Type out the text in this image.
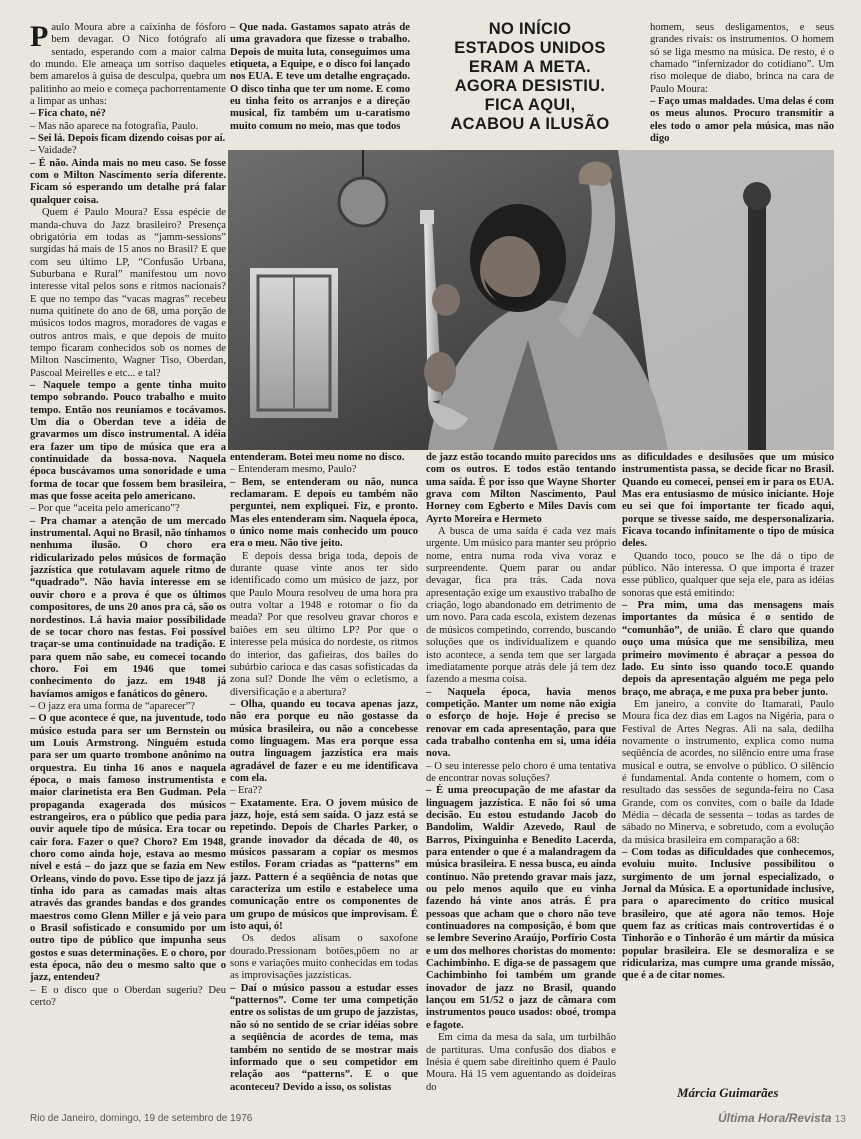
Paulo Moura abre a caixinha de fósforo bem devagar. O Nico fotógrafo ali sentado, esperando com a maior calma do mundo. Ele ameaça um sorriso daqueles bem amarelos à guisa de desculpa, quebra um palitinho ao meio e começa pachorrentamente a limpar as unhas:

– Fica chato, né?

– Mas não aparece na fotografia, Paulo.

– Sei lá. Depois ficam dizendo coisas por aí.

– Vaidade?

– É não. Ainda mais no meu caso. Se fosse com o Milton Nascimento seria diferente. Ficam só esperando um detalhe prá falar qualquer coisa.

Quem é Paulo Moura? Essa espécie de manda-chuva do Jazz brasileiro? Presença obrigatória em todas as “jamm-sessions” surgidas há mais de 15 anos no Brasil? E que com seu último LP, “Confusão Urbana, Suburbana e Rural” manifestou um novo interesse vital pelos sons e ritmos nacionais? E que no tempo das “vacas magras” recebeu numa quitinete do ano de 68, uma porção de músicos todos magros, moradores de vagas e outros antros mais, e que depois de muito tempo ficaram conhecidos sob os nomes de Milton Nascimento, Wagner Tiso, Oberdan, Pascoal Meirelles e etc... e tal?

– Naquele tempo a gente tinha muito tempo sobrando. Pouco trabalho e muito tempo. Então nos reuníamos e tocávamos. Um dia o Oberdan teve a idéia de gravarmos um disco instrumental. A idéia era fazer um tipo de música que era a continuidade da bossa-nova. Naquela época buscávamos uma sonoridade e uma forma de tocar que fossem bem brasileira, mas que fosse aceita pelo americano.

– Por que “aceita pelo americano”?

– Pra chamar a atenção de um mercado instrumental. Aqui no Brasil, não tínhamos nenhuma ilusão. O choro era ridicularizado pelos músicos de formação jazzística que rotulavam aquele ritmo de “quadrado”. Não havia interesse em se ouvir choro e a prova é que os últimos compositores, de uns 20 anos pra cá, são os nordestinos. Lá havia maior possibilidade de se tocar choro nas festas. Foi possível traçar-se uma continuidade na tradição. E para quem não sabe, eu comecei tocando choro. Foi em 1946 que tomei conhecimento do jazz. em 1948 já havíamos amigos e fanáticos do gênero.

– O jazz era uma forma de “aparecer”?

– O que acontece é que, na juventude, todo músico estuda para ser um Bernstein ou um Louis Armstrong. Ninguém estuda para ser um quarto trombone anônimo na orquestra. Eu tinha 16 anos e naquela época, o mais famoso instrumentista e maior clarinetista era Ben Gudman. Pela propaganda exagerada dos músicos estrangeiros, era o público que pedia para ouvir aquele tipo de música. Era tocar ou cair fora. Fazer o que? Choro? Em 1948, choro como ainda hoje, estava ao mesmo nível e está – do jazz que se fazia em New Orleans, vindo do povo. Esse tipo de jazz já tinha ido para as camadas mais altas através das grandes bandas e dos grandes maestros como Glenn Miller e já veio para o Brasil sofisticado e consumido por um outro tipo de público que impunha seus gostos e suas determinações. E o choro, por esta época, não deu o mesmo salto que o jazz, entendeu?

– E o disco que o Oberdan sugeriu? Deu certo?

– Que nada. Gastamos sapato atrás de uma gravadora que fizesse o trabalho. Depois de muita luta, conseguimos uma etiqueta, a Equipe, e o disco foi lançado nos EUA. E teve um detalhe engraçado. O disco tinha que ter um nome. E como eu tinha feito os arranjos e a direção musical, fiz também um u-caratismo muito comum no meio, mas que todos

NO INÍCIO
ESTADOS UNIDOS
ERAM A META.
AGORA DESISTIU.
FICA AQUI,
ACABOU A ILUSÃO

homem, seus desligamentos, e seus grandes rivais: os instrumentos. O homem só se liga mesmo na música. De resto, é o chamado “infernizador do cotidiano”. Um riso moleque de diabo, brinca na cara de Paulo Moura:

– Faço umas maldades. Uma delas é com os meus alunos. Procuro transmitir a eles todo o amor pela música, mas não digo

entenderam. Botei meu nome no disco.

– Entenderam mesmo, Paulo?

– Bem, se entenderam ou não, nunca reclamaram. E depois eu também não perguntei, nem expliquei. Fiz, e pronto. Mas eles entenderam sim. Naquela época, o único nome mais conhecido um pouco era o meu. Não tive jeito.

E depois dessa briga toda, depois de durante quase vinte anos ter sido identificado como um músico de jazz, por que Paulo Moura resolveu de uma hora pra outra voltar a 1948 e rotomar o fio da meada? Por que resolveu gravar choros e baiões em seu último LP? Por que o interesse pela música do nordeste, os ritmos do interior, das gafieiras, dos bailes do subúrbio carioca e das casas sofisticadas da zona sul? Donde lhe vêm o ecletismo, a diversificação e a abertura?

– Olha, quando eu tocava apenas jazz, não era porque eu não gostasse da música brasileira, ou não a concebesse como linguagem. Mas era porque essa outra linguagem jazzística era mais agradável de fazer e eu me identificava com ela.

– Era??

– Exatamente. Era. O jovem músico de jazz, hoje, está sem saída. O jazz está se repetindo. Depois de Charles Parker, o grande inovador da década de 40, os músicos passaram a copiar os mesmos estilos. Foram criadas as “patterns” em jazz. Pattern é a seqüência de notas que caracteriza um estilo e estabelece uma comunicação entre os componentes de um grupo de músicos que improvisam. É isto aqui, ó!

Os dedos alisam o saxofone dourado.Pressionam botões,põem no ar sons e variações muito conhecidas em todas as improvisações jazzísticas.

– Daí o músico passou a estudar esses “patternos”. Come ter uma competição entre os solistas de um grupo de jazzistas, não só no sentido de se criar idéias sobre a seqüência de acordes de tema, mas também no sentido de se mostrar mais informado que o seu competidor em relação aos “patterns”. E o que aconteceu? Devido a isso, os solistas

de jazz estão tocando muito parecidos uns com os outros. E todos estão tentando uma saída. É por isso que Wayne Shorter grava com Milton Nascimento, Paul Horney com Egberto e Miles Davis com Ayrto Moreira e Hermeto

A busca de uma saída é cada vez mais urgente. Um músico para manter seu próprio nome, entra numa roda viva voraz e surpreendente. Quem parar ou andar devagar, fica pra trás. Cada nova apresentação exige um exaustivo trabalho de criação, logo abandonado em detrimento de um novo. Para cada escola, existem dezenas de músicos competindo, correndo, buscando soluções que os individualizem e quando isto acontece, a senda tem que ser largada imediatamente porque atrás dele já tem dez fazendo a mesma coisa.

– Naquela época, havia menos competição. Manter um nome não exigia o esforço de hoje. Hoje é preciso se renovar em cada apresentação, para que cada trabalho contenha em si, uma idéia nova.

– O seu interesse pelo choro é uma tentativa de encontrar novas soluções?

– É uma preocupação de me afastar da linguagem jazzística. E não foi só uma decisão. Eu estou estudando Jacob do Bandolim, Waldir Azevedo, Raul de Barros, Pixinguinha e Benedito Lacerda, para entender o que é a malandragem da música brasileira. E nessa busca, eu ainda continuo. Não pretendo gravar mais jazz, ou pelo menos aquilo que eu vinha fazendo há vinte anos atrás. É pra pessoas que acham que o choro não teve continuadores na composição, é bom que se lembre Severino Araújo, Porfírio Costa e um dos melhores choristas do momento: Cachimbinho. E diga-se de passagem que Cachimbinho foi também um grande inovador de jazz no Brasil, quando lançou em 51/52 o jazz de câmara com instrumentos pouco usados: oboé, trompa e fagote.

Em cima da mesa da sala, um turbilhão de partituras. Uma confusão dos diabos e Inésia é quem sabe direitinho quem é Paulo Moura. Há 15 vem aguentando as doideiras do

as dificuldades e desilusões que um músico instrumentista passa, se decide ficar no Brasil. Quando eu comecei, pensei em ir para os EUA. Mas era entusiasmo de músico iniciante. Hoje eu sei que foi importante ter ficado aqui, porque se tivesse saído, me despersonalizaria. Ficava tocando infinitamente o tipo de música deles.

Quando toco, pouco se lhe dá o tipo de público. Não interessa. O que importa é trazer esse público, qualquer que seja ele, para as idéias sonoras que está emitindo:

– Pra mim, uma das mensagens mais importantes da música é o sentido de “comunhão”, de união. É claro que quando ouço uma música que me sensibiliza, meu primeiro movimento é abraçar a pessoa do lado. Eu sinto isso quando toco.E quando depois da apresentação alguém me pega pelo braço, me abraça, e me puxa pra beber junto.

Em janeiro, a convite do Itamarati, Paulo Moura fica dez dias em Lagos na Nigéria, para o Festival de Artes Negras. Ali na sala, dedilha novamente o instrumento, explica como numa seqüência de acordes, no silêncio entre uma frase musical e outra, se envolve o público. O silêncio é fundamental. Anda contente o homem, com o resultado das sessões de segunda-feira no Casa Grande, com os convites, com o baile da Idade Média – década de sessenta – todas as tardes de sábado no Minerva, e sobretudo, com a evolução da música brasileira em comparação a 68:

– Com todas as dificuldades que conhecemos, evoluiu muito. Inclusive possibilitou o surgimento de um jornal especializado, o Jornal da Música. E a oportunidade inclusive, para o aparecimento do crítico musical brasileiro, que até agora não temos. Hoje quem faz as críticas mais controvertidas é o Tinhorão e o Tinhorão é um mártir da música popular brasileira. Ele se desmoraliza e se ridiculariza, mas cumpre uma grande missão, que é a de citar nomes.

Márcia Guimarães
Rio de Janeiro, domingo, 19 de setembro de 1976	Última Hora/Revista 13
